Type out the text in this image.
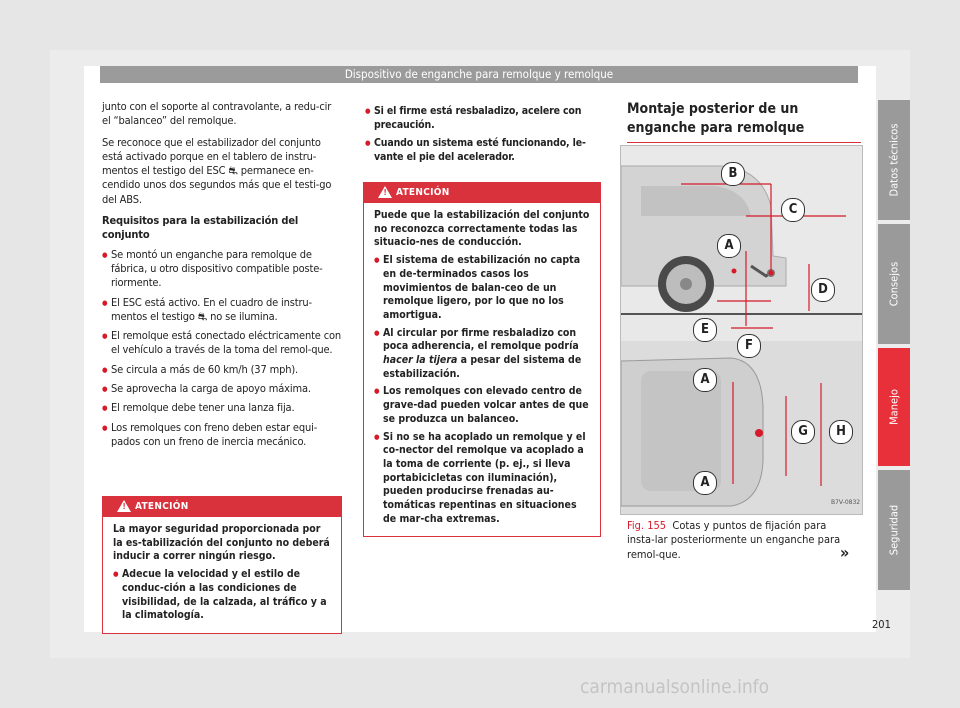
Dispositivo de enganche para remolque y remolque

junto con el soporte al contravolante, a redu-cir el “balanceo” del remolque.

Se reconoce que el estabilizador del conjunto está activado porque en el tablero de instru-mentos el testigo del ESC ⛐ permanece en-cendido unos dos segundos más que el testi-go del ABS.

Requisitos para la estabilización del conjunto
● Se montó un enganche para remolque de fábrica, u otro dispositivo compatible poste-riormente.
● El ESC está activo. En el cuadro de instru-mentos el testigo ⛐ no se ilumina.
● El remolque está conectado eléctricamente con el vehículo a través de la toma del remol-que.
● Se circula a más de 60 km/h (37 mph).
● Se aprovecha la carga de apoyo máxima.
● El remolque debe tener una lanza fija.
● Los remolques con freno deben estar equi-pados con un freno de inercia mecánico.
! ATENCIÓN

La mayor seguridad proporcionada por la es-tabilización del conjunto no deberá inducir a correr ningún riesgo.

● Adecue la velocidad y el estilo de conduc-ción a las condiciones de visibilidad, de la calzada, al tráfico y a la climatología.
● Si el firme está resbaladizo, acelere con precaución.
● Cuando un sistema esté funcionando, le-vante el pie del acelerador.
! ATENCIÓN

Puede que la estabilización del conjunto no reconozca correctamente todas las situacio-nes de conducción.

● El sistema de estabilización no capta en de-terminados casos los movimientos de balan-ceo de un remolque ligero, por lo que no los amortigua.
● Al circular por firme resbaladizo con poca adherencia, el remolque podría hacer la tijera a pesar del sistema de estabilización.
● Los remolques con elevado centro de grave-dad pueden volcar antes de que se produzca un balanceo.
● Si no se ha acoplado un remolque y el co-nector del remolque va acoplado a la toma de corriente (p. ej., si lleva portabicicletas con iluminación), pueden producirse frenadas au-tomáticas repentinas en situaciones de mar-cha extremas.
Montaje posterior de un enganche para remolque
B7V-0832
B
C
A
D
E
F
A
G	H
A
Fig. 155 Cotas y puntos de fijación para insta-lar posteriormente un enganche para remol-que.	»
Datos técnicos
Consejos
Manejo
Seguridad
201
carmanualsonline.info
